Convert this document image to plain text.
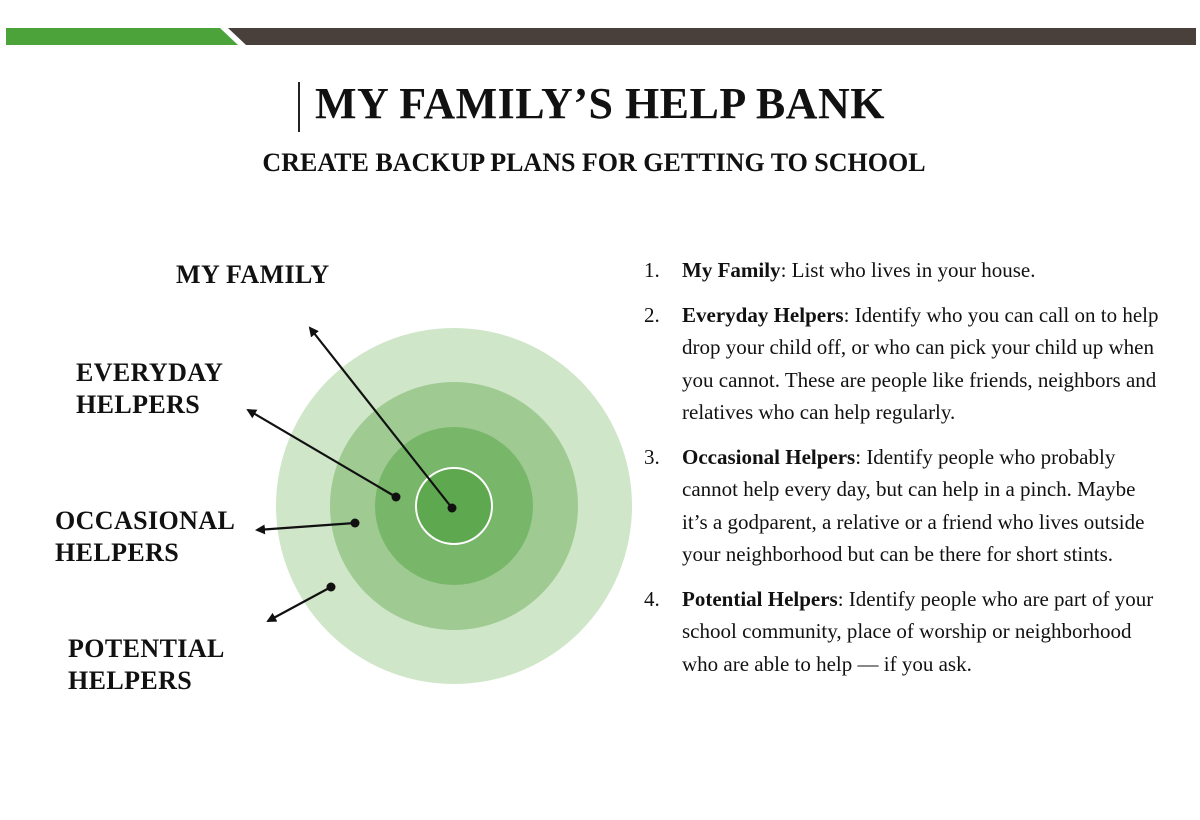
MY FAMILY’S HELP BANK
CREATE BACKUP PLANS FOR GETTING TO SCHOOL
MY FAMILY
EVERYDAY
HELPERS
OCCASIONAL
HELPERS
POTENTIAL
HELPERS
1. My Family: List who lives in your house.
2. Everyday Helpers: Identify who you can call on to help drop your child off, or who can pick your child up when you cannot. These are people like friends, neighbors and relatives who can help regularly.
3. Occasional Helpers: Identify people who probably cannot help every day, but can help in a pinch. Maybe it’s a godparent, a relative or a friend who lives outside your neighborhood but can be there for short stints.
4. Potential Helpers: Identify people who are part of your school community, place of worship or neighborhood who are able to help — if you ask.
